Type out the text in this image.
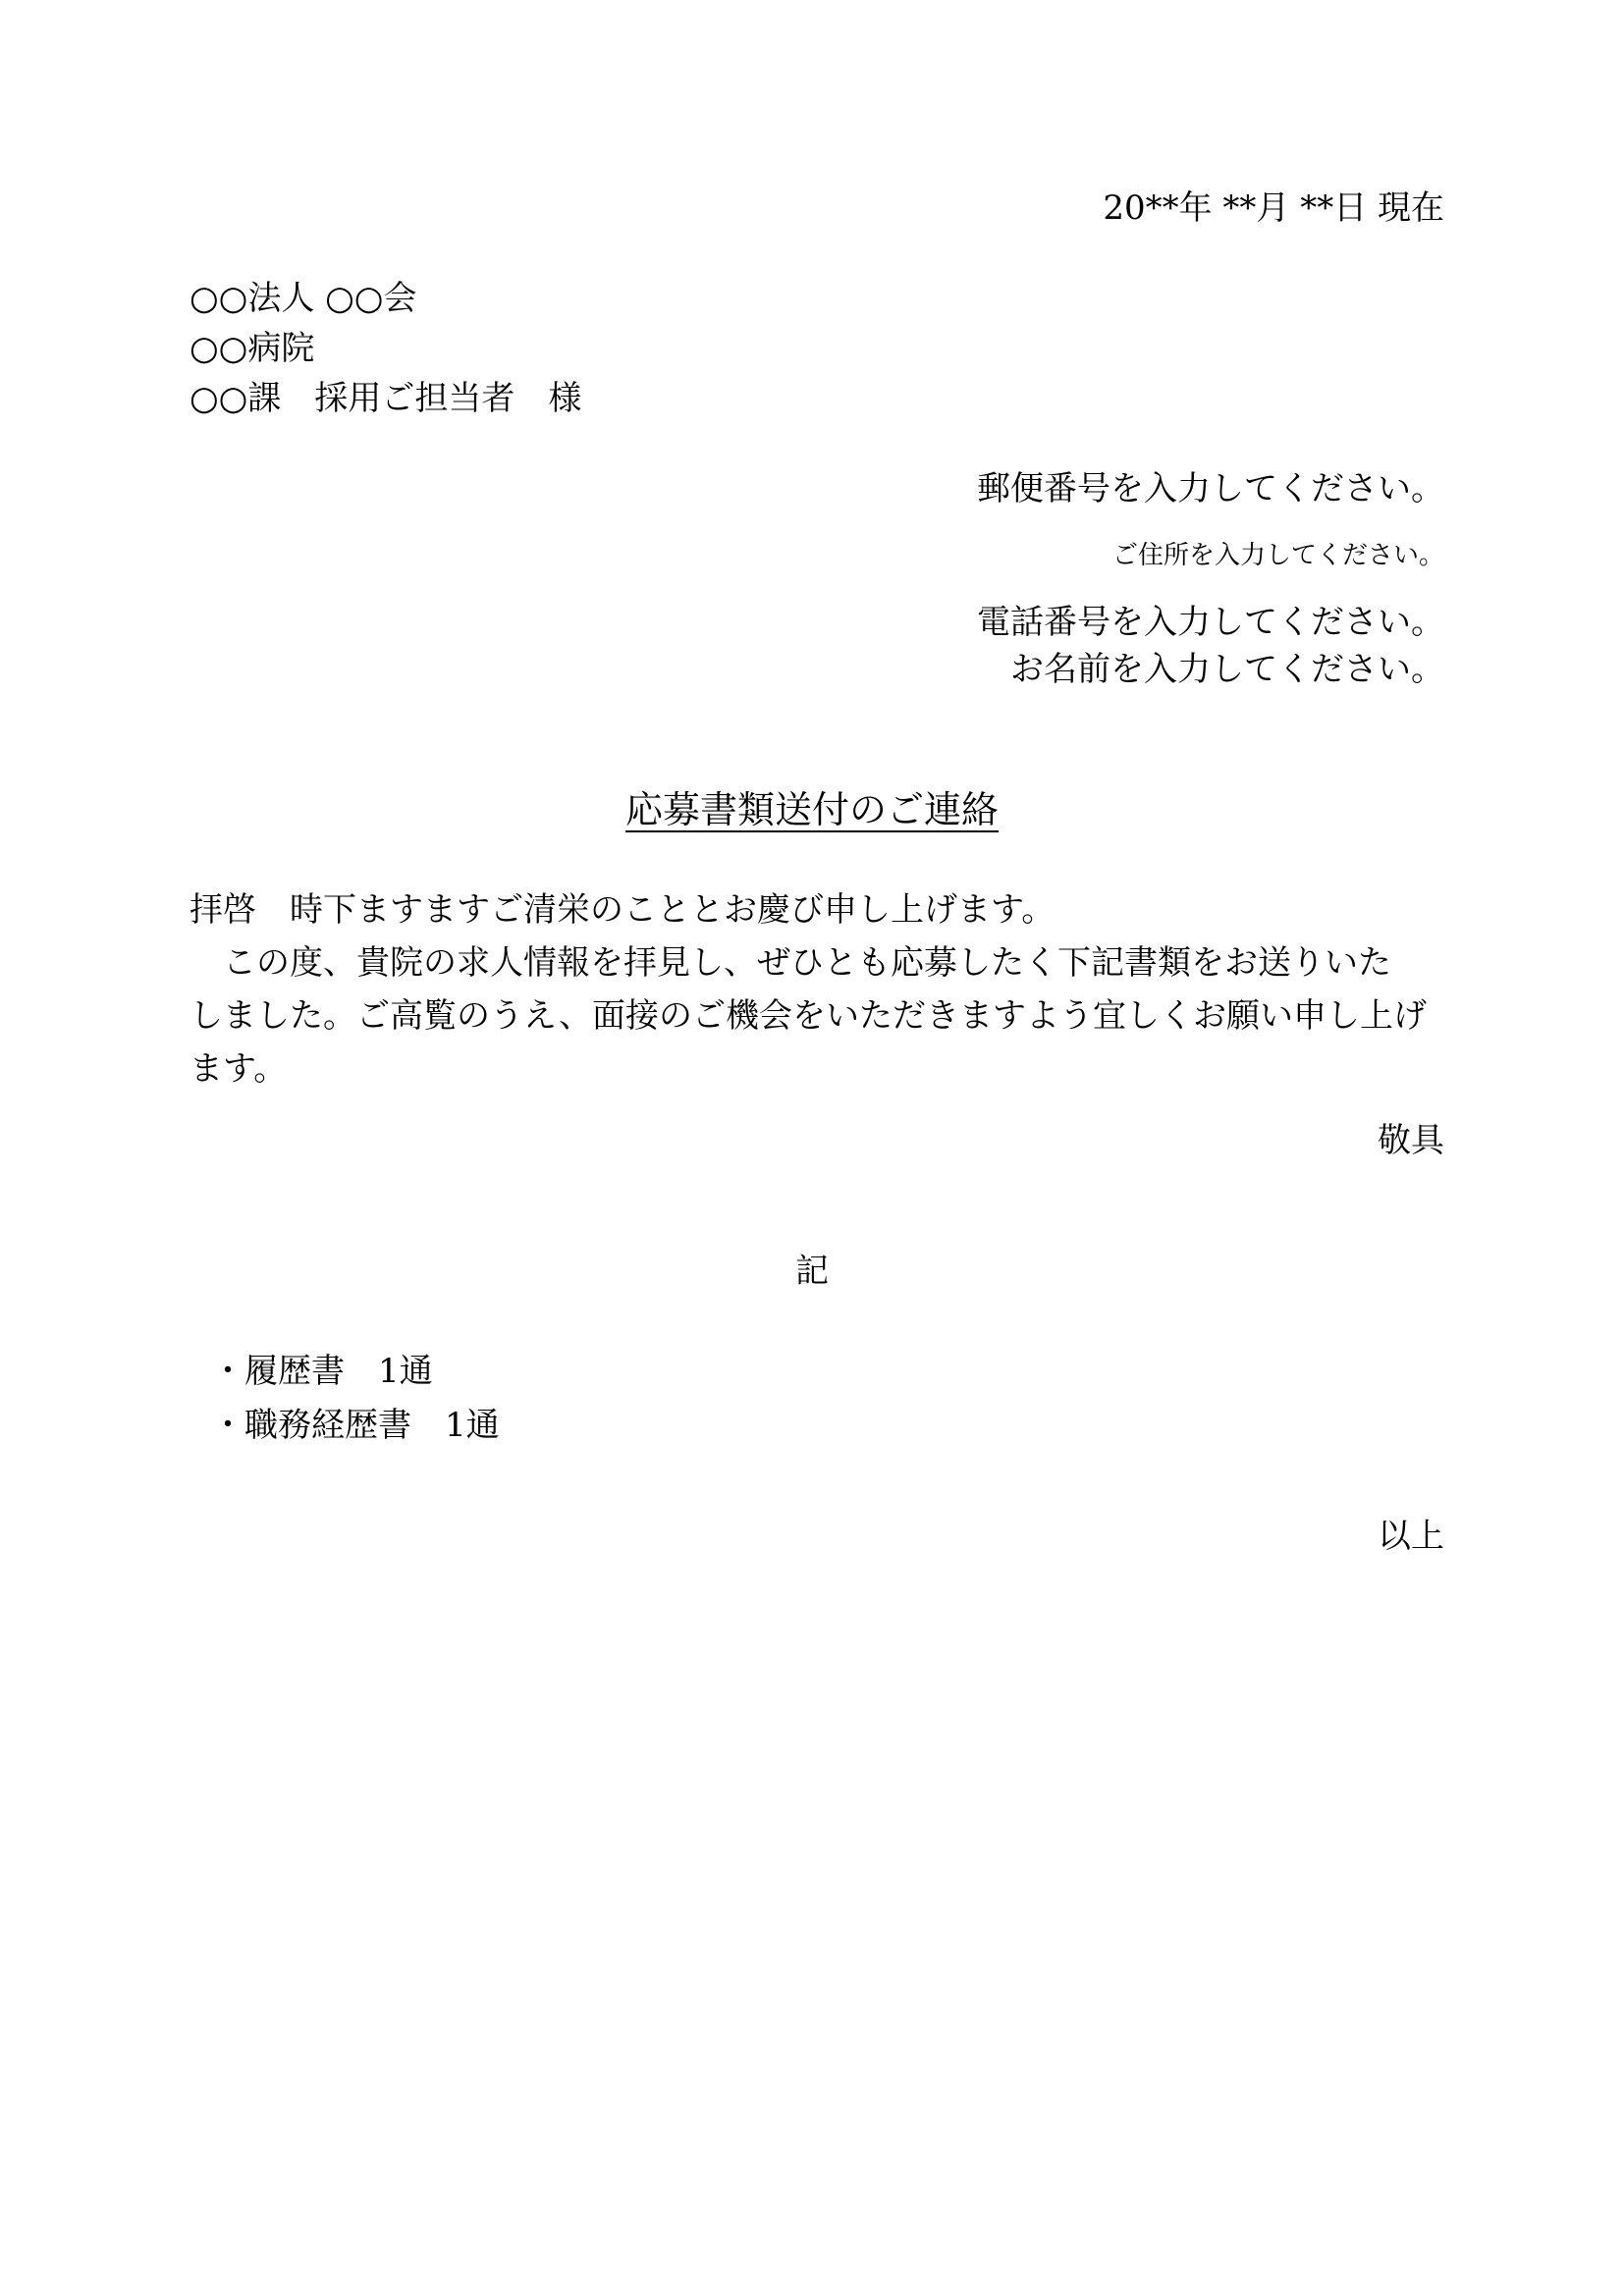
20**年 **月 **日 現在
○○法人 ○○会
○○病院
○○課　採用ご担当者　様
郵便番号を入力してください。
ご住所を入力してください。
電話番号を入力してください。
お名前を入力してください。
応募書類送付のご連絡

拝啓　時下ますますご清栄のこととお慶び申し上げます。

　この度、貴院の求人情報を拝見し、ぜひとも応募したく下記書類をお送りいた

しました。ご高覧のうえ、面接のご機会をいただきますよう宜しくお願い申し上げ

ます。

敬具
記
・履歴書　1通
・職務経歴書　1通
以上
